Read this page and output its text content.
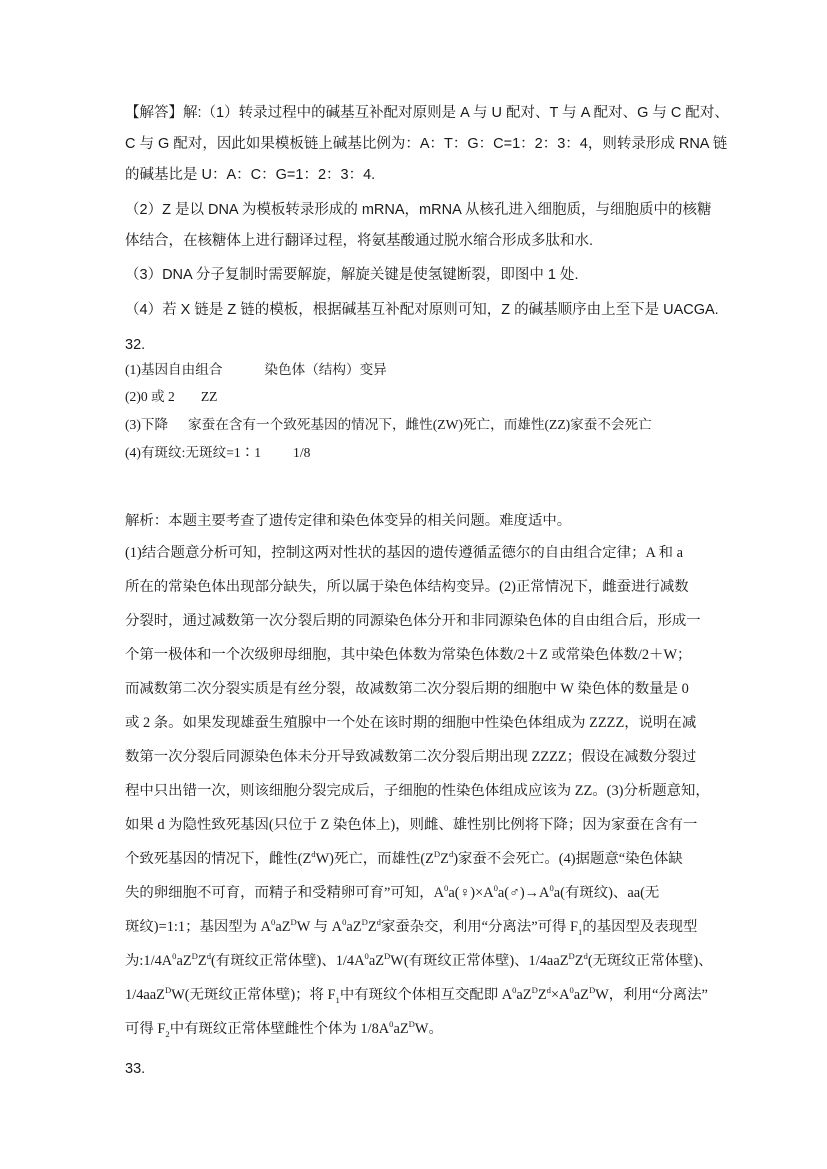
【解答】解:（1）转录过程中的碱基互补配对原则是 A 与 U 配对、T 与 A 配对、G 与 C 配对、
C 与 G 配对，因此如果模板链上碱基比例为：A：T：G：C=1：2：3：4，则转录形成 RNA 链
的碱基比是 U：A：C：G=1：2：3：4.
（2）Z 是以 DNA 为模板转录形成的 mRNA，mRNA 从核孔进入细胞质，与细胞质中的核糖
体结合，在核糖体上进行翻译过程，将氨基酸通过脱水缩合形成多肽和水.
（3）DNA 分子复制时需要解旋，解旋关键是使氢键断裂，即图中 1 处.
（4）若 X 链是 Z 链的模板，根据碱基互补配对原则可知，Z 的碱基顺序由上至下是 UACGA.
32.
(1)基因自由组合	染色体（结构）变异
(2)0 或 2 ZZ
(3)下降 家蚕在含有一个致死基因的情况下，雌性(ZW)死亡，而雄性(ZZ)家蚕不会死亡
(4)有斑纹:无斑纹=1∶1 1/8
解析：本题主要考查了遗传定律和染色体变异的相关问题。难度适中。
(1)结合题意分析可知，控制这两对性状的基因的遗传遵循孟德尔的自由组合定律；A 和 a
所在的常染色体出现部分缺失，所以属于染色体结构变异。(2)正常情况下，雌蚕进行减数
分裂时，通过减数第一次分裂后期的同源染色体分开和非同源染色体的自由组合后，形成一
个第一极体和一个次级卵母细胞，其中染色体数为常染色体数/2＋Z 或常染色体数/2＋W；
而减数第二次分裂实质是有丝分裂，故减数第二次分裂后期的细胞中 W 染色体的数量是 0
或 2 条。如果发现雄蚕生殖腺中一个处在该时期的细胞中性染色体组成为 ZZZZ，说明在减
数第一次分裂后同源染色体未分开导致减数第二次分裂后期出现 ZZZZ；假设在减数分裂过
程中只出错一次，则该细胞分裂完成后，子细胞的性染色体组成应该为 ZZ。(3)分析题意知，
如果 d 为隐性致死基因(只位于 Z 染色体上)，则雌、雄性别比例将下降；因为家蚕在含有一
个致死基因的情况下，雌性$(Z^dW)$死亡，而雄性$(Z^DZ^d)$家蚕不会死亡。(4)据题意“染色体缺
失的卵细胞不可育，而精子和受精卵可育”可知，$A^0a(♀)\times A^0a(♂)\to A^0a$(有斑纹)、aa(无
斑纹)=1:1；基因型为 $A^0aZ^DW$ 与 $A^0aZ^DZ^d$家蚕杂交，利用“分离法”可得 $F_1$的基因型及表现型
为$:1/4A^0aZ^DZ^d$(有斑纹正常体壁)、$1/4A^0aZ^DW$(有斑纹正常体壁)、$1/4aaZ^DZ^d$(无斑纹正常体壁)、
1/4aaZ$^D$W(无斑纹正常体壁)；将 $F_1$中有斑纹个体相互交配即 $A^0aZ^DZ^d\times A^0aZ^DW$，利用“分离法”
可得 $F_2$中有斑纹正常体壁雌性个体为 $1/8A^0aZ^DW$。
33.
